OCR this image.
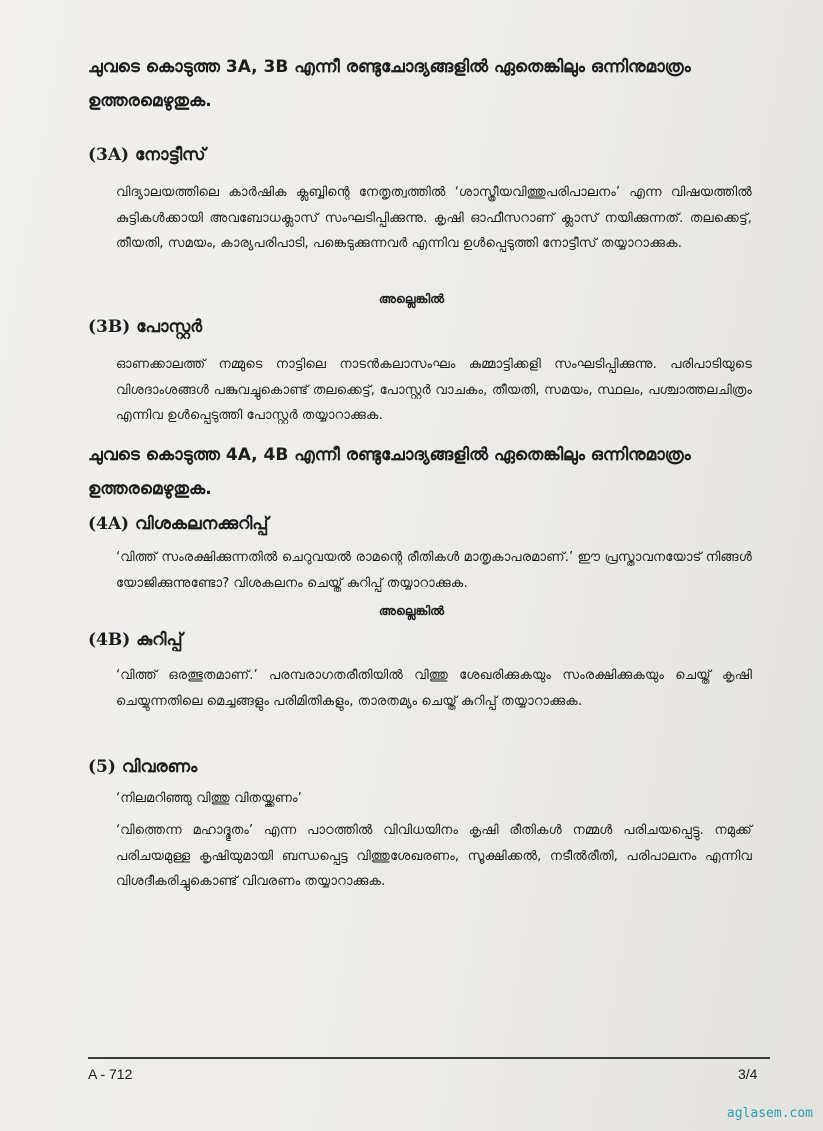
ചുവടെ കൊടുത്ത 3A, 3B എന്നീ രണ്ടുചോദ്യങ്ങളിൽ ഏതെങ്കിലും ഒന്നിനുമാത്രം ഉത്തരമെഴുതുക.
(3A) നോട്ടീസ്
വിദ്യാലയത്തിലെ കാർഷിക ക്ലബ്ബിന്റെ നേതൃത്വത്തിൽ ‘ശാസ്ത്രീയവിത്തുപരിപാലനം’ എന്ന വിഷയത്തിൽ കുട്ടികൾക്കായി അവബോധക്ലാസ് സംഘടിപ്പിക്കുന്നു. കൃഷി ഓഫീസറാണ് ക്ലാസ് നയിക്കുന്നത്. തലക്കെട്ട്, തീയതി, സമയം, കാര്യപരിപാടി, പങ്കെടുക്കുന്നവർ എന്നിവ ഉൾപ്പെടുത്തി നോട്ടീസ് തയ്യാറാക്കുക.
അല്ലെങ്കിൽ
(3B) പോസ്റ്റർ
ഓണക്കാലത്ത് നമ്മുടെ നാട്ടിലെ നാടൻകലാസംഘം കുമ്മാട്ടിക്കളി സംഘടിപ്പിക്കുന്നു. പരിപാടിയുടെ വിശദാംശങ്ങൾ പങ്കുവച്ചുകൊണ്ട് തലക്കെട്ട്, പോസ്റ്റർ വാചകം, തീയതി, സമയം, സ്ഥലം, പശ്ചാത്തലചിത്രം എന്നിവ ഉൾപ്പെടുത്തി പോസ്റ്റർ തയ്യാറാക്കുക.
ചുവടെ കൊടുത്ത 4A, 4B എന്നീ രണ്ടുചോദ്യങ്ങളിൽ ഏതെങ്കിലും ഒന്നിനുമാത്രം ഉത്തരമെഴുതുക.
(4A) വിശകലനക്കുറിപ്പ്
‘വിത്ത് സംരക്ഷിക്കുന്നതിൽ ചെറുവയൽ രാമന്റെ രീതികൾ മാതൃകാപരമാണ്.’ ഈ പ്രസ്താവനയോട് നിങ്ങൾ യോജിക്കുന്നുണ്ടോ? വിശകലനം ചെയ്ത് കുറിപ്പ് തയ്യാറാക്കുക.
അല്ലെങ്കിൽ
(4B) കുറിപ്പ്
‘വിത്ത് ഒരത്ഭുതമാണ്.’ പരമ്പരാഗതരീതിയിൽ വിത്തു ശേഖരിക്കുകയും സംരക്ഷിക്കുകയും ചെയ്ത് കൃഷി ചെയ്യുന്നതിലെ മെച്ചങ്ങളും പരിമിതികളും, താരതമ്യം ചെയ്ത് കുറിപ്പ് തയ്യാറാക്കുക.
(5) വിവരണം
‘നിലമറിഞ്ഞു വിത്തു വിതയ്ക്കണം’
‘വിത്തെന്ന മഹാദ്ഭുതം’ എന്ന പാഠത്തിൽ വിവിധയിനം കൃഷി രീതികൾ നമ്മൾ പരിചയപ്പെട്ടു. നമുക്ക് പരിചയമുള്ള കൃഷിയുമായി ബന്ധപ്പെട്ട വിത്തുശേഖരണം, സൂക്ഷിക്കൽ, നടീൽരീതി, പരിപാലനം എന്നിവ വിശദീകരിച്ചുകൊണ്ട് വിവരണം തയ്യാറാക്കുക.
A - 712	3/4
aglasem.com
